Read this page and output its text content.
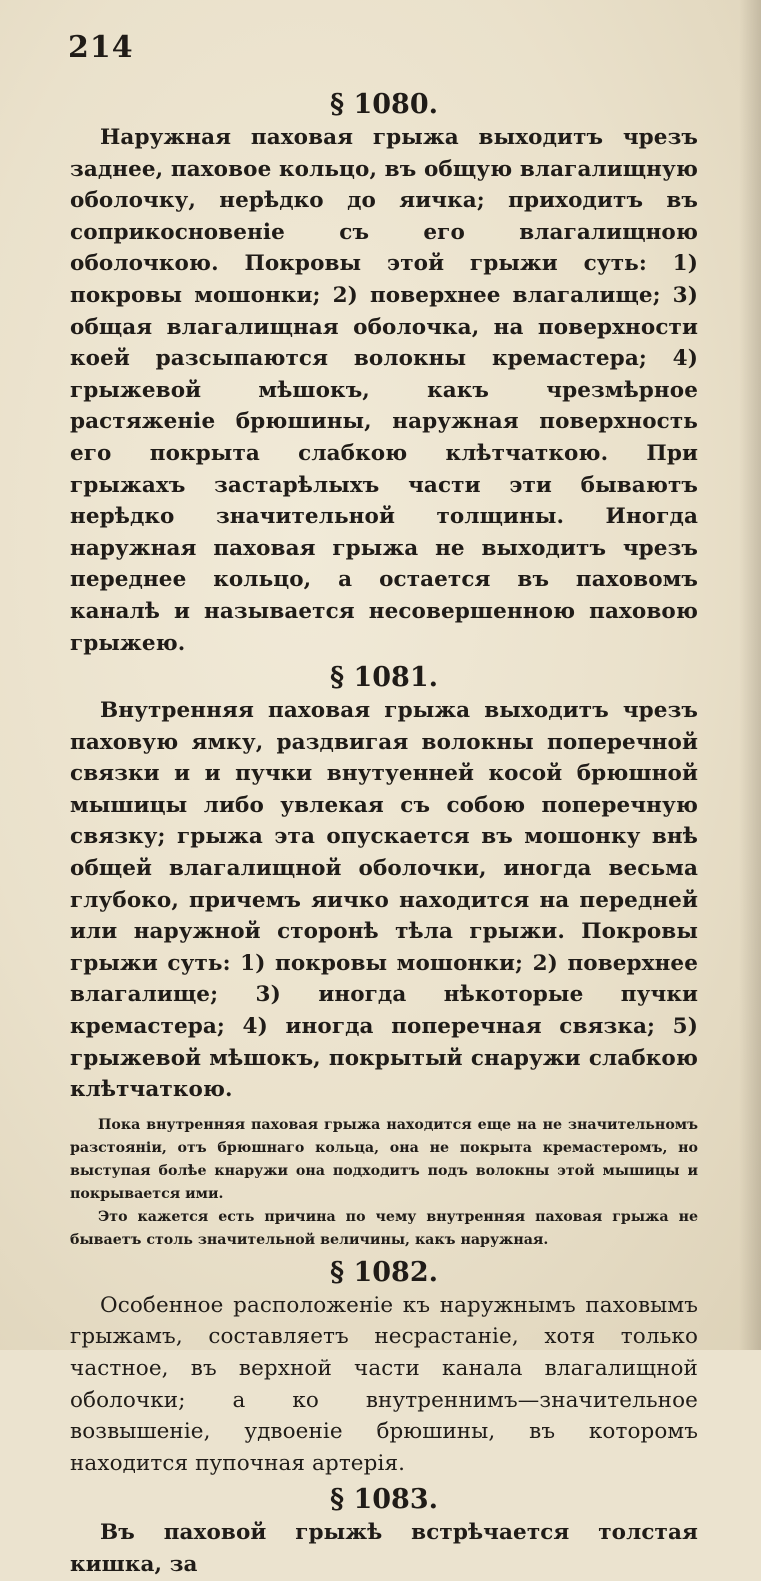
214
§ 1080.

Наружная паховая грыжа выходитъ чрезъ заднее, паховое кольцо, въ общую влагалищную оболочку, нерѣдко до яичка; приходитъ въ соприкосновеніе съ его влагалищною оболочкою. Покровы этой грыжи суть: 1) покровы мошонки; 2) поверхнее влагалище; 3) общая влагалищная оболочка, на поверхности коей разсыпаются волокны кремастера; 4) грыжевой мѣшокъ, какъ чрезмѣрное растяженіе брюшины, наружная поверхность его покрыта слабкою клѣтчаткою. При грыжахъ застарѣлыхъ части эти бываютъ нерѣдко значительной толщины. Иногда наружная паховая грыжа не выходитъ чрезъ переднее кольцо, а остается въ паховомъ каналѣ и называется несовершенною паховою грыжею.

§ 1081.

Внутренняя паховая грыжа выходитъ чрезъ паховую ямку, раздвигая волокны поперечной связки и и пучки внутуенней косой брюшной мышицы либо увлекая съ собою поперечную связку; грыжа эта опускается въ мошонку внѣ общей влагалищной оболочки, иногда весьма глубоко, причемъ яичко находится на передней или наружной сторонѣ тѣла грыжи. Покровы грыжи суть: 1) покровы мошонки; 2) поверхнее влагалище; 3) иногда нѣкоторые пучки кремастера; 4) иногда поперечная связка; 5) грыжевой мѣшокъ, покрытый снаружи слабкою клѣтчаткою.

Пока внутренняя паховая грыжа находится еще на не значительномъ разстояніи, отъ брюшнаго кольца, она не покрыта кремастеромъ, но выступая болѣе кнаружи она подходитъ подъ волокны этой мышицы и покрывается ими.

Это кажется есть причина по чему внутренняя паховая грыжа не бываетъ столь значительной величины, какъ наружная.

§ 1082.

Особенное расположеніе къ наружнымъ паховымъ грыжамъ, составляетъ несрастаніе, хотя только частное, въ верхной части канала влагалищной оболочки; а ко внутреннимъ—значительное возвышеніе, удвоеніе брюшины, въ которомъ находится пупочная артерія.

§ 1083.

Въ паховой грыжѣ встрѣчается толстая кишка, за
